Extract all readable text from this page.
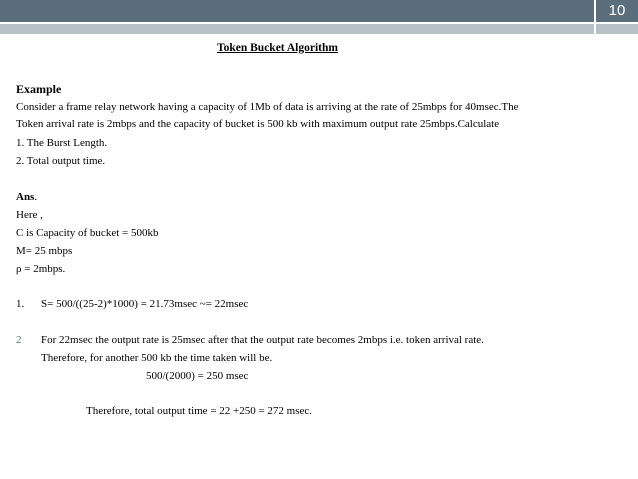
10
Token Bucket Algorithm
Example
Consider a frame relay network having a capacity of 1Mb of data is arriving at the rate of 25mbps for 40msec.The
Token arrival rate is 2mbps and the capacity of bucket is 500 kb with maximum output rate 25mbps.Calculate
1. The Burst Length.
2. Total output time.
Ans.
Here ,
C is Capacity of bucket = 500kb
M= 25 mbps
ρ = 2mbps.
1. S= 500/((25-2)*1000) = 21.73msec ~= 22msec
2 For 22msec the output rate is 25msec after that the output rate becomes 2mbps i.e. token arrival rate.
Therefore, for another 500 kb the time taken will be.
500/(2000) = 250 msec
Therefore, total output time = 22 +250 = 272 msec.
